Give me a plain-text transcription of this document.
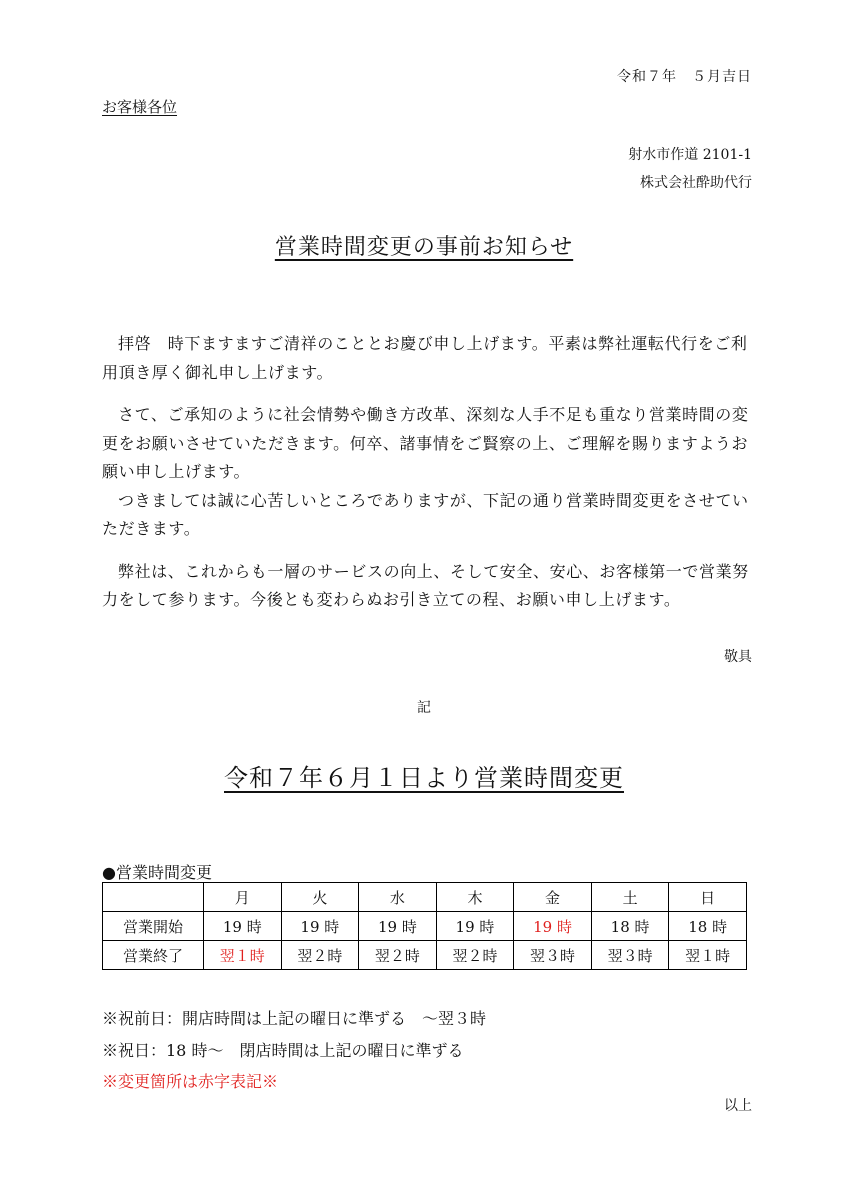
令和７年　５月吉日
お客様各位
射水市作道 2101-1
株式会社酔助代行
営業時間変更の事前お知らせ

拝啓　時下ますますご清祥のこととお慶び申し上げます。平素は弊社運転代行をご利用頂き厚く御礼申し上げます。

さて、ご承知のように社会情勢や働き方改革、深刻な人手不足も重なり営業時間の変更をお願いさせていただきます。何卒、諸事情をご賢察の上、ご理解を賜りますようお願い申し上げます。

つきましては誠に心苦しいところでありますが、下記の通り営業時間変更をさせていただきます。

弊社は、これからも一層のサービスの向上、そして安全、安心、お客様第一で営業努力をして参ります。今後とも変わらぬお引き立ての程、お願い申し上げます。

敬具
記
令和７年６月１日より営業時間変更
●営業時間変更
	月	火	水	木	金	土	日
営業開始	19 時	19 時	19 時	19 時	19 時	18 時	18 時
営業終了	翌１時	翌２時	翌２時	翌２時	翌３時	翌３時	翌１時
※祝前日：開店時間は上記の曜日に準ずる　～翌３時
※祝日：18 時～　閉店時間は上記の曜日に準ずる
※変更箇所は赤字表記※
以上
